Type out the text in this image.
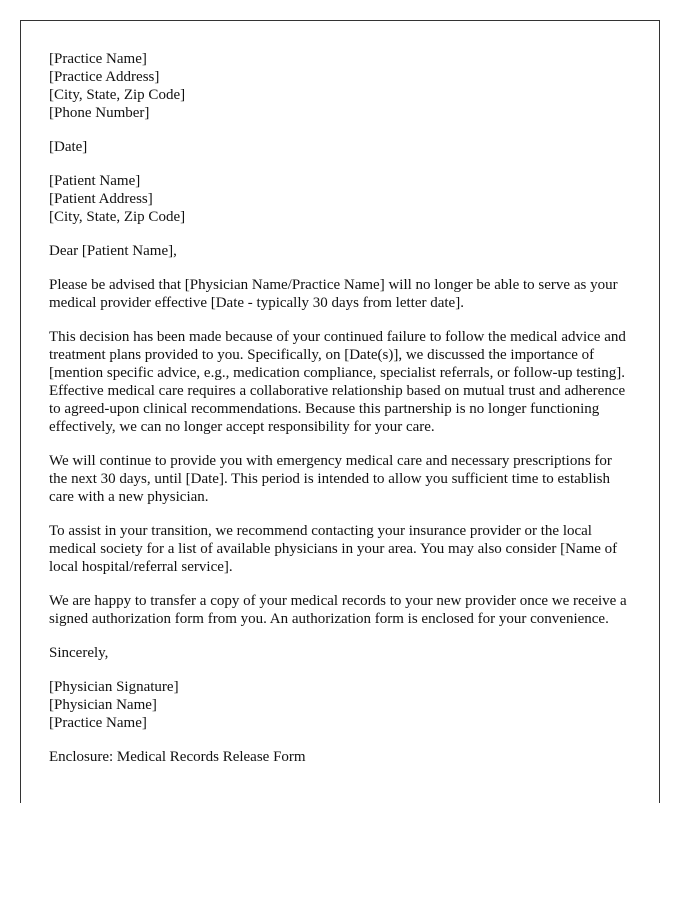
[Practice Name]
[Practice Address]
[City, State, Zip Code]
[Phone Number]

[Date]

[Patient Name]
[Patient Address]
[City, State, Zip Code]

Dear [Patient Name],

Please be advised that [Physician Name/Practice Name] will no longer be able to serve as your medical provider effective [Date - typically 30 days from letter date].

This decision has been made because of your continued failure to follow the medical advice and treatment plans provided to you. Specifically, on [Date(s)], we discussed the importance of [mention specific advice, e.g., medication compliance, specialist referrals, or follow-up testing]. Effective medical care requires a collaborative relationship based on mutual trust and adherence to agreed-upon clinical recommendations. Because this partnership is no longer functioning effectively, we can no longer accept responsibility for your care.

We will continue to provide you with emergency medical care and necessary prescriptions for the next 30 days, until [Date]. This period is intended to allow you sufficient time to establish care with a new physician.

To assist in your transition, we recommend contacting your insurance provider or the local medical society for a list of available physicians in your area. You may also consider [Name of local hospital/referral service].

We are happy to transfer a copy of your medical records to your new provider once we receive a signed authorization form from you. An authorization form is enclosed for your convenience.

Sincerely,

[Physician Signature]
[Physician Name]
[Practice Name]

Enclosure: Medical Records Release Form
